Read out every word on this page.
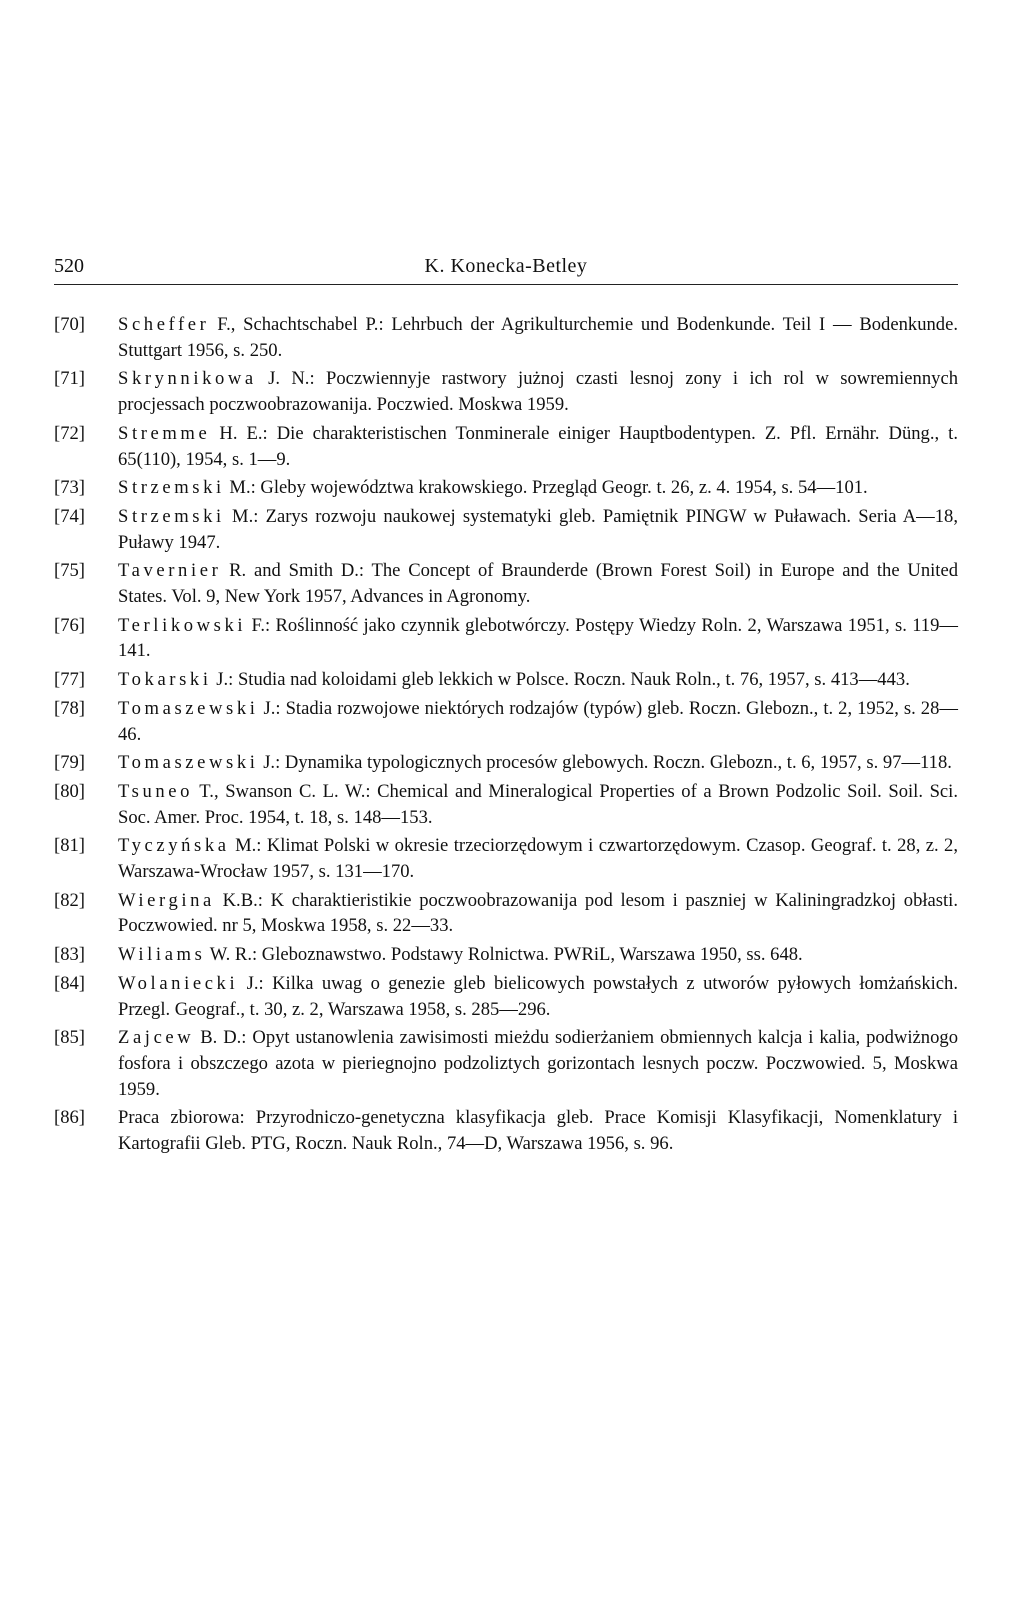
520	K. Konecka-Betley
[70]	Scheffer F., Schachtschabel P.: Lehrbuch der Agrikulturchemie und Bodenkunde. Teil I — Bodenkunde. Stuttgart 1956, s. 250.
[71]	Skrynnikowa J. N.: Poczwiennyje rastwory jużnoj czasti lesnoj zony i ich rol w sowremiennych procjessach poczwoobrazowanija. Poczwied. Moskwa 1959.
[72]	Stremme H. E.: Die charakteristischen Tonminerale einiger Hauptbodentypen. Z. Pfl. Ernähr. Düng., t. 65(110), 1954, s. 1—9.
[73]	Strzemski M.: Gleby województwa krakowskiego. Przegląd Geogr. t. 26, z. 4. 1954, s. 54—101.
[74]	Strzemski M.: Zarys rozwoju naukowej systematyki gleb. Pamiętnik PINGW w Puławach. Seria A—18, Puławy 1947.
[75]	Tavernier R. and Smith D.: The Concept of Braunderde (Brown Forest Soil) in Europe and the United States. Vol. 9, New York 1957, Advances in Agronomy.
[76]	Terlikowski F.: Roślinność jako czynnik glebotwórczy. Postępy Wiedzy Roln. 2, Warszawa 1951, s. 119—141.
[77]	Tokarski J.: Studia nad koloidami gleb lekkich w Polsce. Roczn. Nauk Roln., t. 76, 1957, s. 413—443.
[78]	Tomaszewski J.: Stadia rozwojowe niektórych rodzajów (typów) gleb. Roczn. Glebozn., t. 2, 1952, s. 28—46.
[79]	Tomaszewski J.: Dynamika typologicznych procesów glebowych. Roczn. Glebozn., t. 6, 1957, s. 97—118.
[80]	Tsuneo T., Swanson C. L. W.: Chemical and Mineralogical Properties of a Brown Podzolic Soil. Soil. Sci. Soc. Amer. Proc. 1954, t. 18, s. 148—153.
[81]	Tyczyńska M.: Klimat Polski w okresie trzeciorzędowym i czwartorzędowym. Czasop. Geograf. t. 28, z. 2, Warszawa-Wrocław 1957, s. 131—170.
[82]	Wiergina K.B.: K charaktieristikie poczwoobrazowanija pod lesom i pasznieј w Kaliningradzkoj obłasti. Poczwowied. nr 5, Moskwa 1958, s. 22—33.
[83]	Wiliams W. R.: Gleboznawstwo. Podstawy Rolnictwa. PWRiL, Warszawa 1950, ss. 648.
[84]	Wolaniecki J.: Kilka uwag o genezie gleb bielicowych powstałych z utworów pyłowych łomżańskich. Przegl. Geograf., t. 30, z. 2, Warszawa 1958, s. 285—296.
[85]	Zajcew B. D.: Opyt ustanowlenia zawisimosti mieżdu sodierżaniem obmiennych kalcja i kalia, podwiżnogo fosfora i obszczego azota w pieriegnojno podzoliztych gorizontach lesnych poczw. Poczwowied. 5, Moskwa 1959.
[86]	Praca zbiorowa: Przyrodniczo-genetyczna klasyfikacja gleb. Prace Komisji Klasyfikacji, Nomenklatury i Kartografii Gleb. PTG, Roczn. Nauk Roln., 74—D, Warszawa 1956, s. 96.
